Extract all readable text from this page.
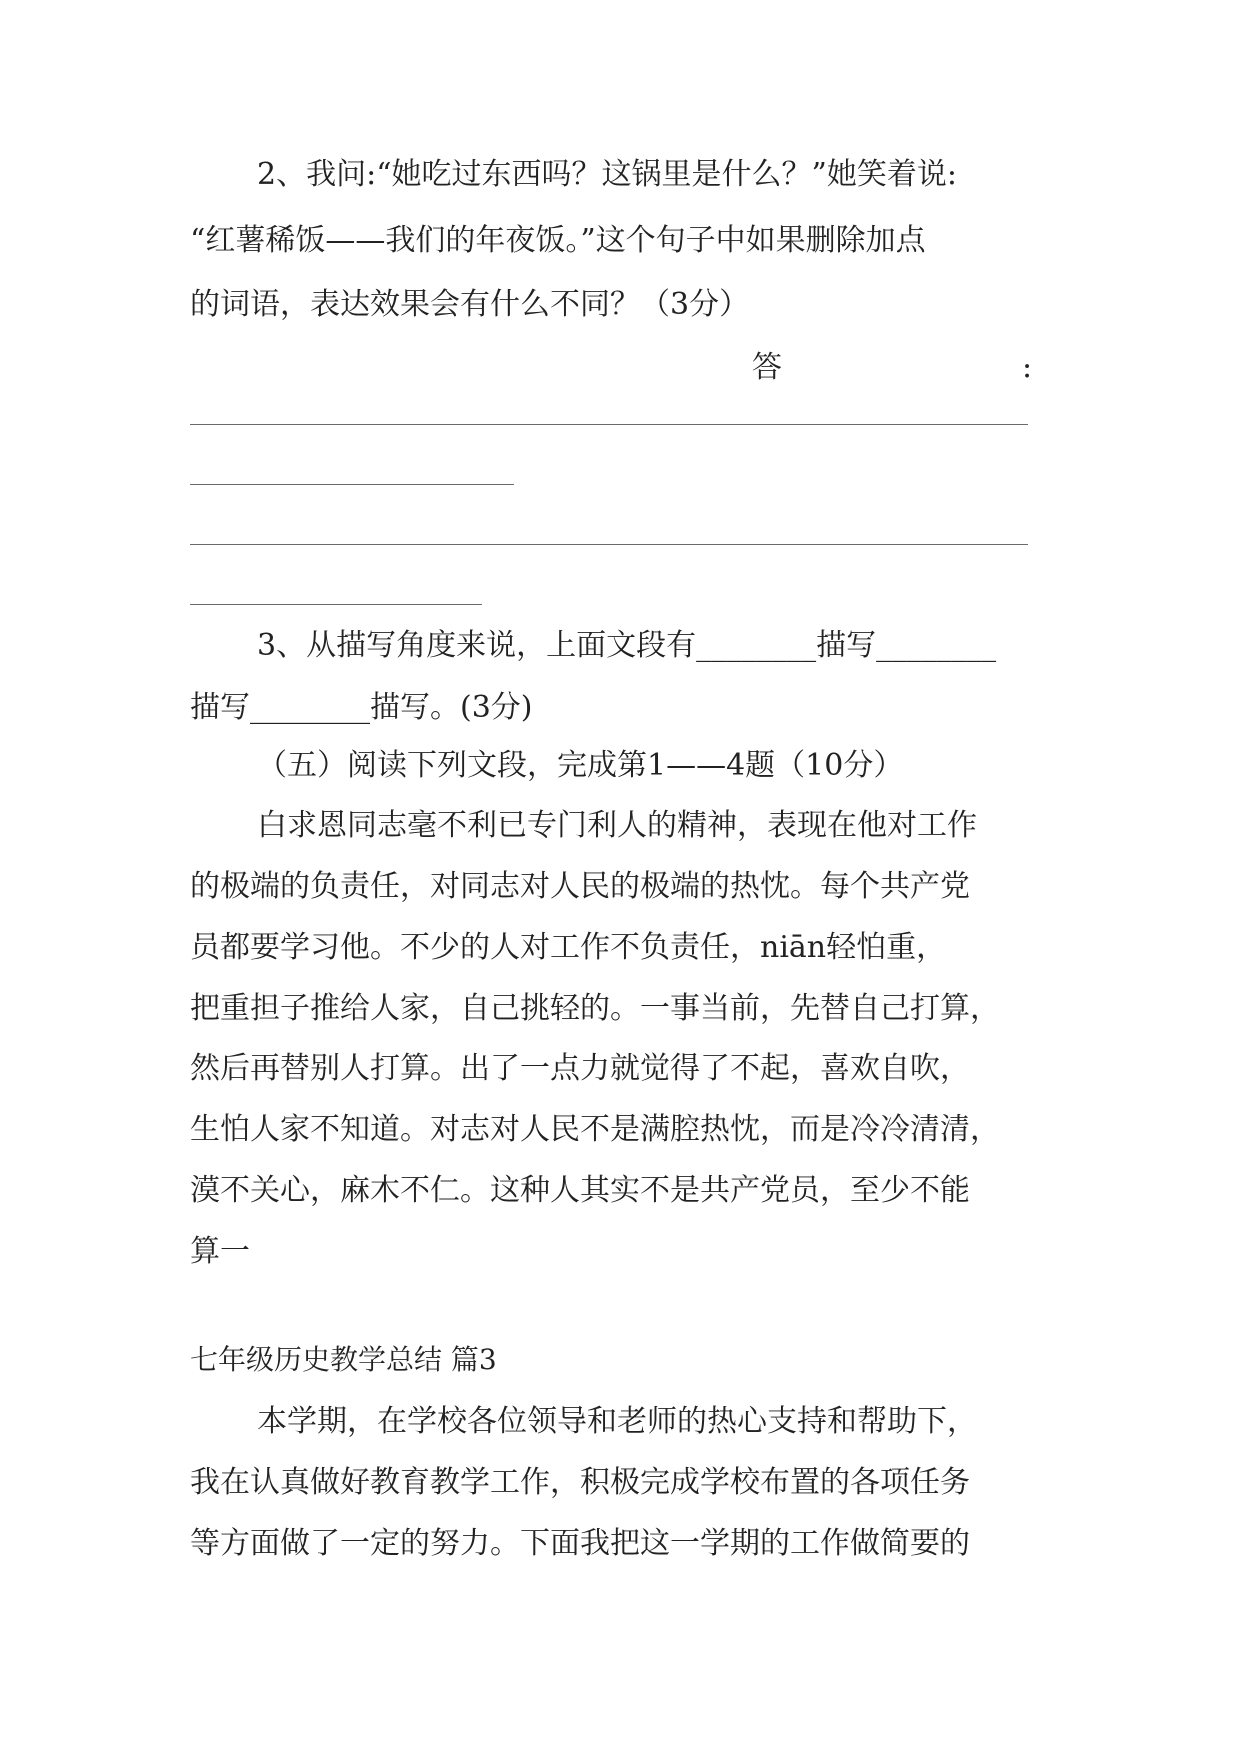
2、我问:“她吃过东西吗？这锅里是什么？”她笑着说:
“红薯稀饭——我们的年夜饭。”这个句子中如果删除加点
的词语，表达效果会有什么不同？（3分）
答	:
3、从描写角度来说，上面文段有________描写________
描写________描写。(3分)
（五）阅读下列文段，完成第1——4题（10分）
白求恩同志毫不利已专门利人的精神，表现在他对工作
的极端的负责任，对同志对人民的极端的热忱。每个共产党
员都要学习他。不少的人对工作不负责任，niān轻怕重，
把重担子推给人家，自己挑轻的。一事当前，先替自己打算，
然后再替别人打算。出了一点力就觉得了不起，喜欢自吹，
生怕人家不知道。对志对人民不是满腔热忱，而是冷冷清清，
漠不关心，麻木不仁。这种人其实不是共产党员，至少不能
算一
七年级历史教学总结 篇3
本学期，在学校各位领导和老师的热心支持和帮助下，
我在认真做好教育教学工作，积极完成学校布置的各项任务
等方面做了一定的努力。下面我把这一学期的工作做简要的
